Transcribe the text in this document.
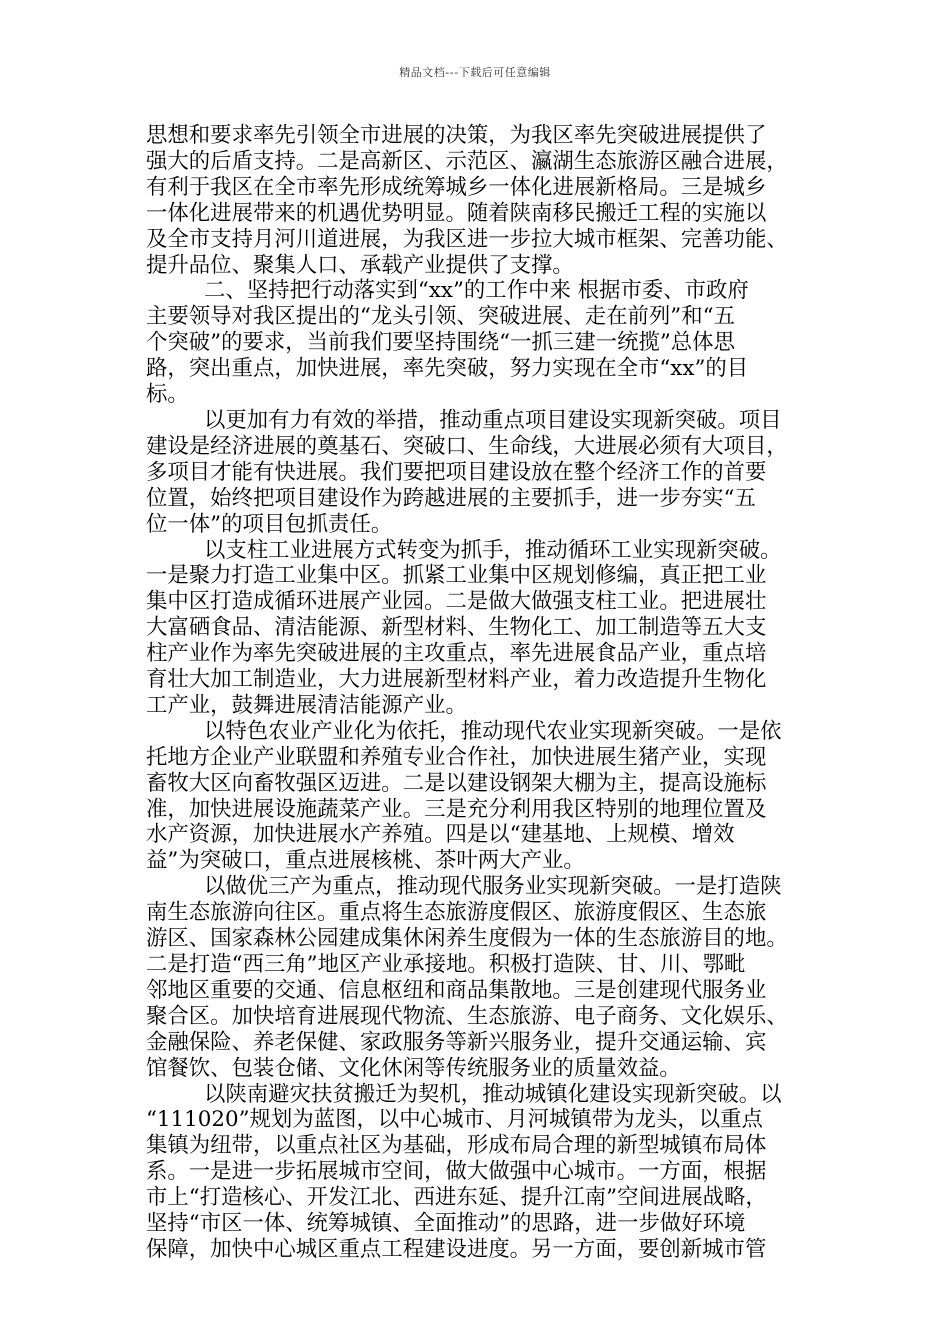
精品文档---下载后可任意编辑

思想和要求率先引领全市进展的决策，为我区率先突破进展提供了

强大的后盾支持。二是高新区、示范区、瀛湖生态旅游区融合进展，

有利于我区在全市率先形成统筹城乡一体化进展新格局。三是城乡

一体化进展带来的机遇优势明显。随着陕南移民搬迁工程的实施以

及全市支持月河川道进展，为我区进一步拉大城市框架、完善功能、

提升品位、聚集人口、承载产业提供了支撑。

二、坚持把行动落实到“xx”的工作中来 根据市委、市政府

主要领导对我区提出的“龙头引领、突破进展、走在前列”和“五

个突破”的要求，当前我们要坚持围绕“一抓三建一统揽”总体思

路，突出重点，加快进展，率先突破，努力实现在全市“xx”的目

标。

以更加有力有效的举措，推动重点项目建设实现新突破。项目

建设是经济进展的奠基石、突破口、生命线，大进展必须有大项目，

多项目才能有快进展。我们要把项目建设放在整个经济工作的首要

位置，始终把项目建设作为跨越进展的主要抓手，进一步夯实“五

位一体”的项目包抓责任。

以支柱工业进展方式转变为抓手，推动循环工业实现新突破。

一是聚力打造工业集中区。抓紧工业集中区规划修编，真正把工业

集中区打造成循环进展产业园。二是做大做强支柱工业。把进展壮

大富硒食品、清洁能源、新型材料、生物化工、加工制造等五大支

柱产业作为率先突破进展的主攻重点，率先进展食品产业，重点培

育壮大加工制造业，大力进展新型材料产业，着力改造提升生物化

工产业，鼓舞进展清洁能源产业。

以特色农业产业化为依托，推动现代农业实现新突破。一是依

托地方企业产业联盟和养殖专业合作社，加快进展生猪产业，实现

畜牧大区向畜牧强区迈进。二是以建设钢架大棚为主，提高设施标

准，加快进展设施蔬菜产业。三是充分利用我区特别的地理位置及

水产资源，加快进展水产养殖。四是以“建基地、上规模、增效

益”为突破口，重点进展核桃、茶叶两大产业。

以做优三产为重点，推动现代服务业实现新突破。一是打造陕

南生态旅游向往区。重点将生态旅游度假区、旅游度假区、生态旅

游区、国家森林公园建成集休闲养生度假为一体的生态旅游目的地。

二是打造“西三角”地区产业承接地。积极打造陕、甘、川、鄂毗

邻地区重要的交通、信息枢纽和商品集散地。三是创建现代服务业

聚合区。加快培育进展现代物流、生态旅游、电子商务、文化娱乐、

金融保险、养老保健、家政服务等新兴服务业，提升交通运输、宾

馆餐饮、包装仓储、文化休闲等传统服务业的质量效益。

以陕南避灾扶贫搬迁为契机，推动城镇化建设实现新突破。以

“111020”规划为蓝图，以中心城市、月河城镇带为龙头，以重点

集镇为纽带，以重点社区为基础，形成布局合理的新型城镇布局体

系。一是进一步拓展城市空间，做大做强中心城市。一方面，根据

市上“打造核心、开发江北、西进东延、提升江南”空间进展战略，

坚持“市区一体、统筹城镇、全面推动”的思路，进一步做好环境

保障，加快中心城区重点工程建设进度。另一方面，要创新城市管
